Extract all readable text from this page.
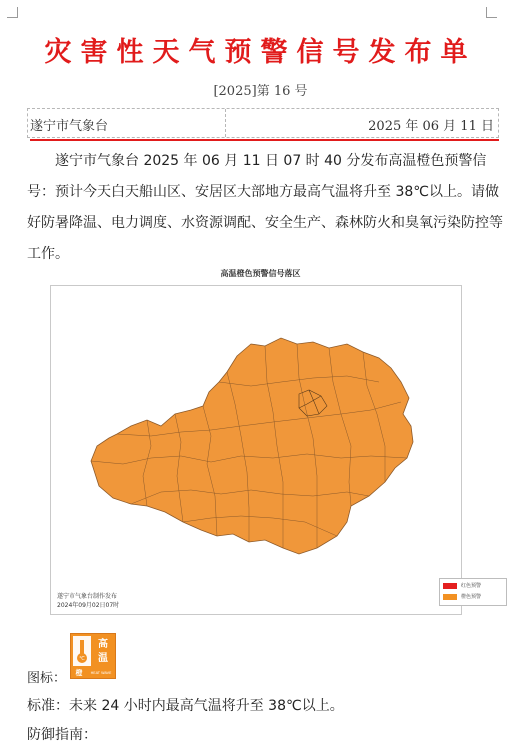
灾害性天气预警信号发布单
[2025]第 16 号
遂宁市气象台	2025 年 06 月 11 日
遂宁市气象台 2025 年 06 月 11 日 07 时 40 分发布高温橙色预警信号：预计今天白天船山区、安居区大部地方最高气温将升至 38℃以上。请做好防暑降温、电力调度、水资源调配、安全生产、森林防火和臭氧污染防控等工作。
高温橙色预警信号落区
红色预警
橙色预警
遂宁市气象台制作发布
2024年09月02日07时
图标：
℃
高
温
橙 HEAT WAVE
标准：未来 24 小时内最高气温将升至 38℃以上。
防御指南：
